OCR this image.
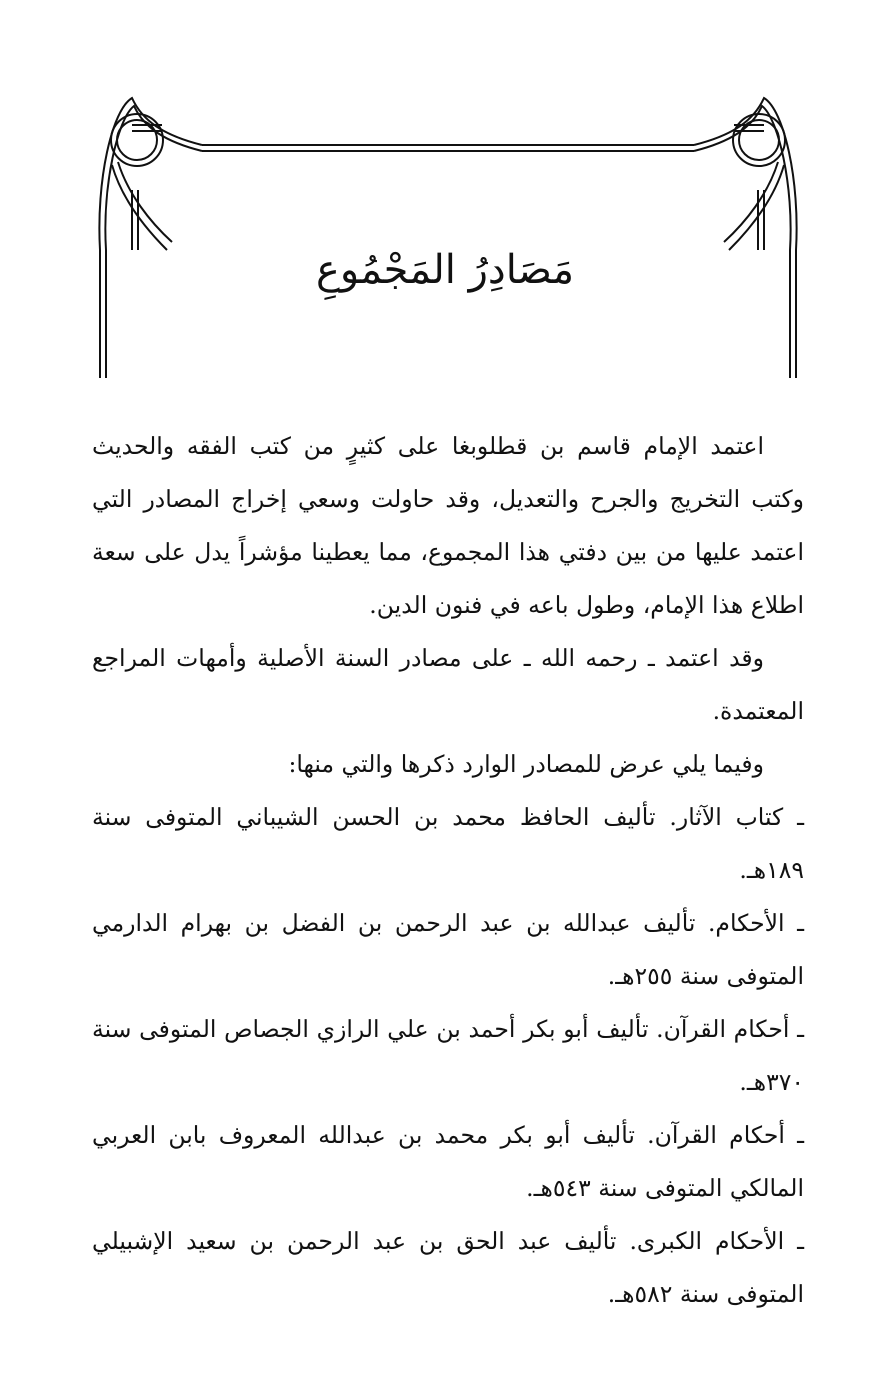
مَصَادِرُ المَجْمُوعِ

اعتمد الإمام قاسم بن قطلوبغا على كثيرٍ من كتب الفقه والحديث وكتب التخريج والجرح والتعديل، وقد حاولت وسعي إخراج المصادر التي اعتمد عليها من بين دفتي هذا المجموع، مما يعطينا مؤشراً يدل على سعة اطلاع هذا الإمام، وطول باعه في فنون الدين.

وقد اعتمد ـ رحمه الله ـ على مصادر السنة الأصلية وأمهات المراجع المعتمدة.

وفيما يلي عرض للمصادر الوارد ذكرها والتي منها:

ـ كتاب الآثار. تأليف الحافظ محمد بن الحسن الشيباني المتوفى سنة ١٨٩هـ.

ـ الأحكام. تأليف عبدالله بن عبد الرحمن بن الفضل بن بهرام الدارمي المتوفى سنة ٢٥٥هـ.

ـ أحكام القرآن. تأليف أبو بكر أحمد بن علي الرازي الجصاص المتوفى سنة ٣٧٠هـ.

ـ أحكام القرآن. تأليف أبو بكر محمد بن عبدالله المعروف بابن العربي المالكي المتوفى سنة ٥٤٣هـ.

ـ الأحكام الكبرى. تأليف عبد الحق بن عبد الرحمن بن سعيد الإشبيلي المتوفى سنة ٥٨٢هـ.
